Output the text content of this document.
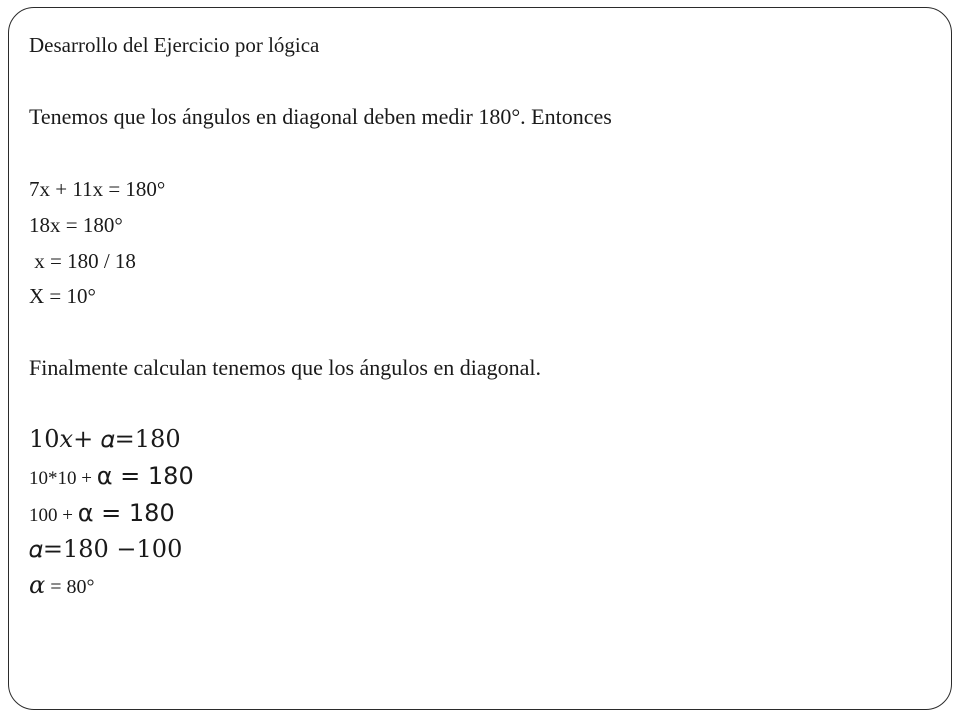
Desarrollo del Ejercicio por lógica
Tenemos que los ángulos en diagonal deben medir 180°. Entonces
7x + 11x = 180°
18x = 180°
x = 180 / 18
X = 10°
Finalmente calculan tenemos que los ángulos en diagonal.
10𝑥+ 𝛼=180
10*10 + α = 180
100 + α = 180
𝛼=180 −100
𝛼 = 80°
